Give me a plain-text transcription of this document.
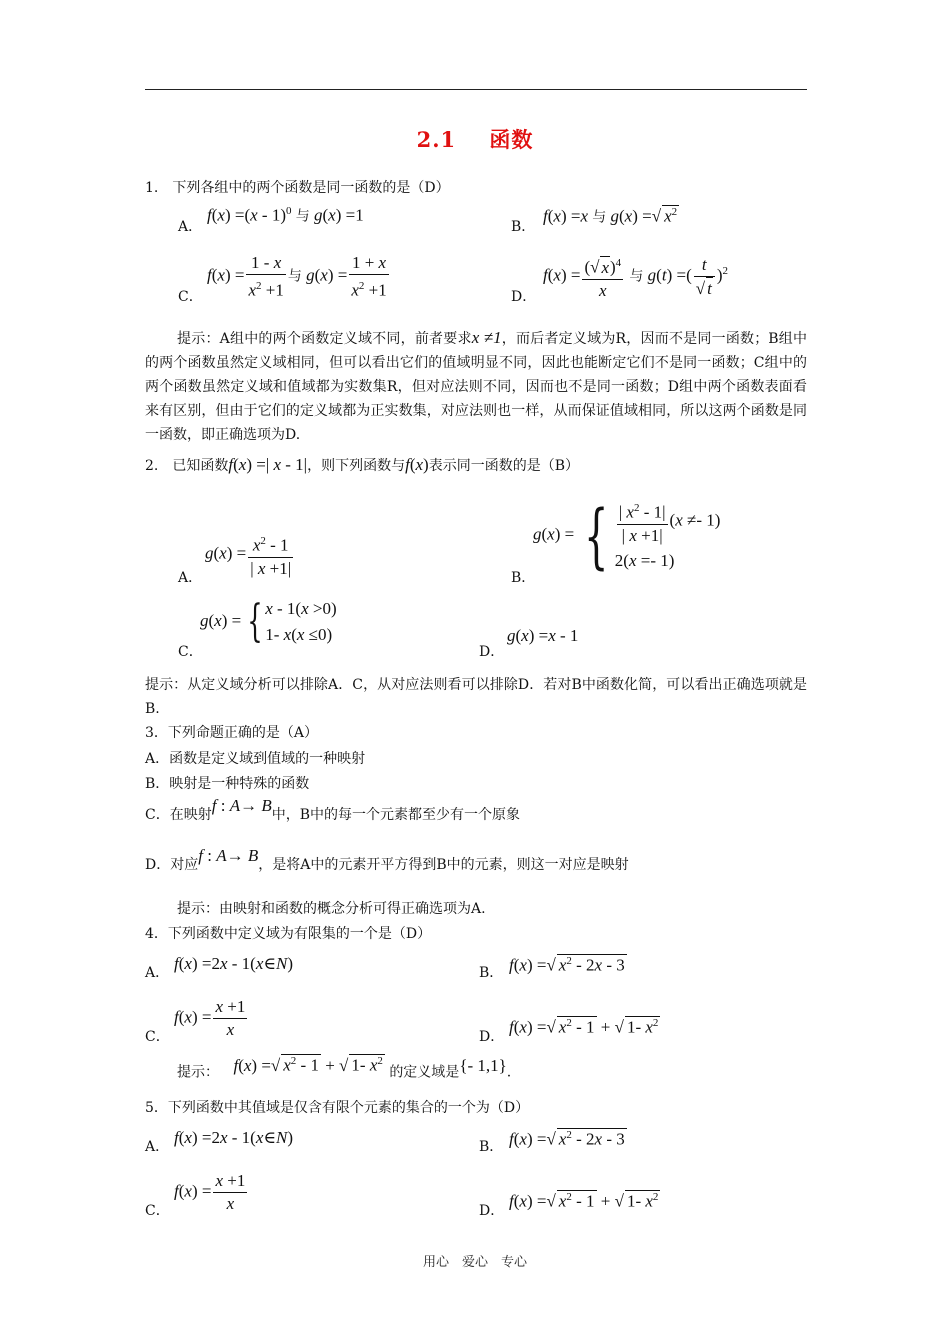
2.1 函数
1.　下列各组中的两个函数是同一函数的是（D）
A．
f(x) =(x - 1)$^0$ 与 g(x) =1
B．
f(x) =x 与 g(x) =√ $x^2$
C．
$f(x) = \frac{1 - x}{x^2 +1}$ 与 $g(x) = \frac{1 + x}{x^2 +1}$	D．
$f(x) = \frac{(√ x)^4}{x}$ 与 g(t) =( $\frac{t}{√ t} )^2$
提示：A组中的两个函数定义域不同，前者要求x ≠1，而后者定义域为R，因而不是同一函数；B组中的两个函数虽然定义域相同，但可以看出它们的值域明显不同，因此也能断定它们不是同一函数；C组中的两个函数虽然定义域和值域都为实数集R，但对应法则不同，因而也不是同一函数；D组中两个函数表面看来有区别，但由于它们的定义域都为正实数集，对应法则也一样，从而保证值域相同，所以这两个函数是同一函数，即正确选项为D.
2.　已知函数f(x) =| x - 1|，则下列函数与f(x)表示同一函数的是（B）
A．
$g(x) = \frac{x^2 - 1}{| x +1|}$	B．
g(x) = { $\frac{| x^2 - 1|}{| x +1|} (x \ne- 1)$
2(x =- 1)
C．
g(x) = { x - 1(x >0)
1- x(x ≤0)
D．
g(x) =x - 1
提示：从定义域分析可以排除A．C，从对应法则看可以排除D．若对B中函数化简，可以看出正确选项就是B.
3．下列命题正确的是（A）
A．函数是定义域到值域的一种映射
B．映射是一种特殊的函数
C．在映射f : A→ B中，B中的每一个元素都至少有一个原象
D．对应f : A→ B，是将A中的元素开平方得到B中的元素，则这一对应是映射
提示：由映射和函数的概念分析可得正确选项为A.
4．下列函数中定义域为有限集的一个是（D）
A． f(x) =2x - 1(x∈N)	B． f(x) =√ $x^2 - 2x - 3$
C．
$f(x) = \frac{x +1}{x}$	D．
f(x) =√ $x^2 - 1$ + √ 1- $x^2$
提示： f(x) =√ $x^2 - 1$ + √ 1- $x^2$ 的定义域是{- 1,1}.
5．下列函数中其值域是仅含有限个元素的集合的一个为（D）
A． f(x) =2x - 1(x∈N)	B． f(x) =√ $x^2 - 2x - 3$
C．
$f(x) = \frac{x +1}{x}$	D．
f(x) =√ $x^2 - 1$ + √ 1- $x^2$
用心　爱心　专心
